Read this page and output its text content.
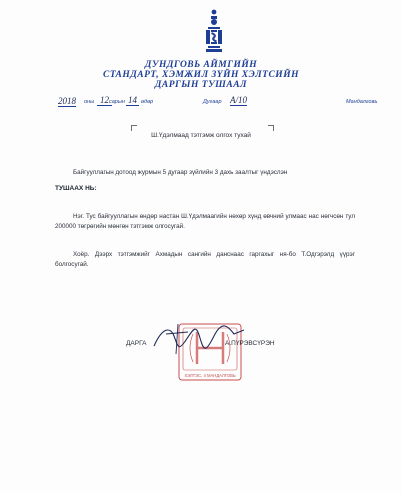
ДУНДГОВЬ АЙМГИЙН
СТАНДАРТ, ХЭМЖИЛ ЗҮЙН ХЭЛТСИЙН
ДАРГЫН ТУШААЛ
2018 оны 12 сарын 14 өдөр	Дугаар А/10	Мандалговь
Ш.Үдэлмаад тэтгэмж олгох тухай
Байгууллагын дотоод журмын 5 дугаар зүйлийн 3 дахь заалтыг үндэслэн
ТУШААХ НЬ:
Нэг. Тус байгууллагын өндөр настан Ш.Үдэлмаагийн нөхөр хүнд өвчний улмаас нас нөгчсөн тул 200000 төгрөгийн мөнгөн тэтгэмж олгосугай.
Хоёр. Дээрх тэтгэмжийг Ахмадын сангийн данснаас гаргахыг ня-бо Т.Одгэрэлд үүрэг болгосугай.
ХЭЛТЭС, 4 МАНДАЛГОВЬ
ДАРГА	А.ПҮРЭВСҮРЭН
